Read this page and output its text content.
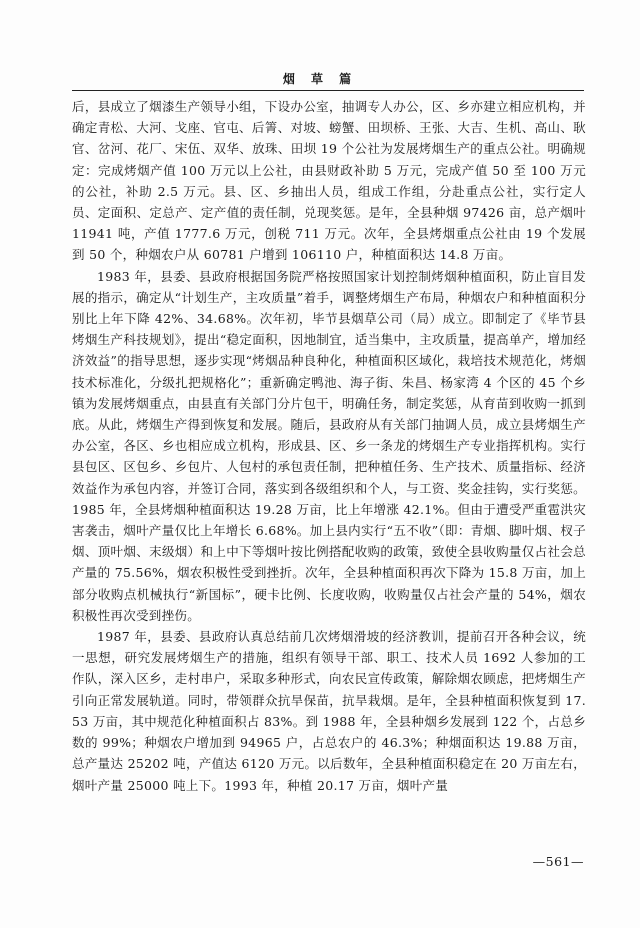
烟 草 篇

后，县成立了烟漆生产领导小组，下设办公室，抽调专人办公，区、乡亦建立相应机构，并确定青松、大河、戈座、官屯、后箐、对坡、螃蟹、田坝桥、王张、大吉、生机、高山、耿官、岔河、花厂、宋伍、双华、放珠、田坝 19 个公社为发展烤烟生产的重点公社。明确规定：完成烤烟产值 100 万元以上公社，由县财政补助 5 万元，完成产值 50 至 100 万元的公社，补助 2.5 万元。县、区、乡抽出人员，组成工作组，分赴重点公社，实行定人员、定面积、定总产、定产值的责任制，兑现奖惩。是年，全县种烟 97426 亩，总产烟叶 11941 吨，产值 1777.6 万元，创税 711 万元。次年，全县烤烟重点公社由 19 个发展到 50 个，种烟农户从 60781 户增到 106110 户，种植面积达 14.8 万亩。

1983 年，县委、县政府根据国务院严格按照国家计划控制烤烟种植面积，防止盲目发展的指示，确定从“计划生产，主攻质量”着手，调整烤烟生产布局，种烟农户和种植面积分别比上年下降 42%、34.68%。次年初，毕节县烟草公司（局）成立。即制定了《毕节县烤烟生产科技规划》，提出“稳定面积，因地制宜，适当集中，主攻质量，提高单产，增加经济效益”的指导思想，逐步实现“烤烟品种良种化，种植面积区域化，栽培技术规范化，烤烟技术标准化，分级扎把规格化”；重新确定鸭池、海子街、朱昌、杨家湾 4 个区的 45 个乡镇为发展烤烟重点，由县直有关部门分片包干，明确任务，制定奖惩，从育苗到收购一抓到底。从此，烤烟生产得到恢复和发展。随后，县政府从有关部门抽调人员，成立县烤烟生产办公室，各区、乡也相应成立机构，形成县、区、乡一条龙的烤烟生产专业指挥机构。实行县包区、区包乡、乡包片、人包村的承包责任制，把种植任务、生产技术、质量指标、经济效益作为承包内容，并签订合同，落实到各级组织和个人，与工资、奖金挂钩，实行奖惩。1985 年，全县烤烟种植面积达 19.28 万亩，比上年增涨 42.1%。但由于遭受严重雹洪灾害袭击，烟叶产量仅比上年增长 6.68%。加上县内实行“五不收”（即：青烟、脚叶烟、杈子烟、顶叶烟、末级烟）和上中下等烟叶按比例搭配收购的政策，致使全县收购量仅占社会总产量的 75.56%，烟农积极性受到挫折。次年，全县种植面积再次下降为 15.8 万亩，加上部分收购点机械执行“新国标”，硬卡比例、长度收购，收购量仅占社会产量的 54%，烟农积极性再次受到挫伤。

1987 年，县委、县政府认真总结前几次烤烟滑坡的经济教训，提前召开各种会议，统一思想，研究发展烤烟生产的措施，组织有领导干部、职工、技术人员 1692 人参加的工作队，深入区乡，走村串户，采取多种形式，向农民宣传政策，解除烟农顾虑，把烤烟生产引向正常发展轨道。同时，带领群众抗旱保苗，抗旱栽烟。是年，全县种植面积恢复到 17.53 万亩，其中规范化种植面积占 83%。到 1988 年，全县种烟乡发展到 122 个，占总乡数的 99%；种烟农户增加到 94965 户，占总农户的 46.3%；种烟面积达 19.88 万亩，总产量达 25202 吨，产值达 6120 万元。以后数年，全县种植面积稳定在 20 万亩左右，烟叶产量 25000 吨上下。1993 年，种植 20.17 万亩，烟叶产量

—561—
